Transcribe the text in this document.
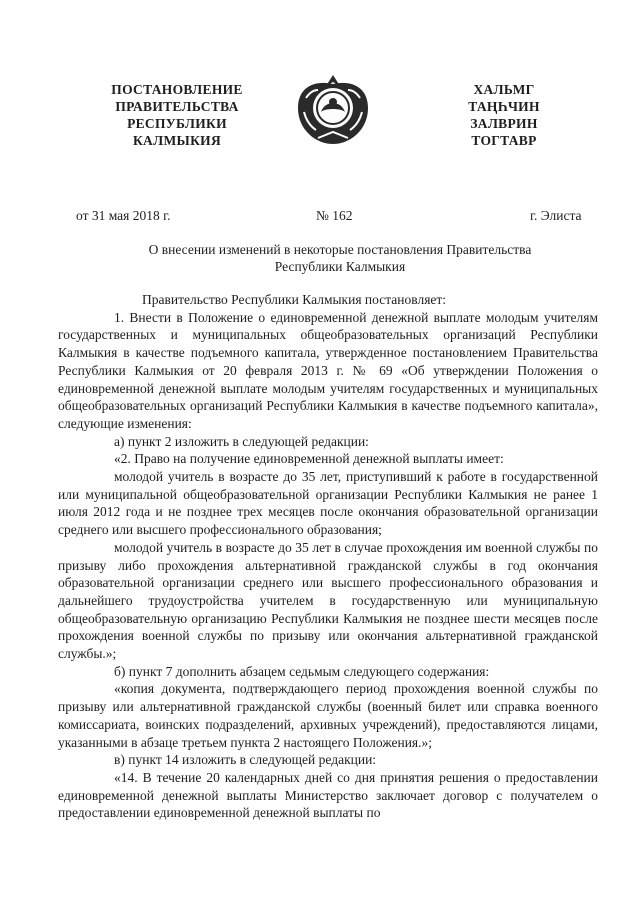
ПОСТАНОВЛЕНИЕ
ПРАВИТЕЛЬСТВА
РЕСПУБЛИКИ
КАЛМЫКИЯ
ХАЛЬМГ
ТАҢҺЧИН
ЗАЛВРИН
ТОГТАВР
от 31 мая 2018 г.	№ 162	г. Элиста
О внесении изменений в некоторые постановления Правительства
Республики Калмыкия

Правительство Республики Калмыкия постановляет:

1. Внести в Положение о единовременной денежной выплате молодым учителям государственных и муниципальных общеобразовательных организаций Республики Калмыкия в качестве подъемного капитала, утвержденное постановлением Правительства Республики Калмыкия от 20 февраля 2013 г. № 69 «Об утверждении Положения о единовременной денежной выплате молодым учителям государственных и муниципальных общеобразовательных организаций Республики Калмыкия в качестве подъемного капитала», следующие изменения:

а) пункт 2 изложить в следующей редакции:

«2. Право на получение единовременной денежной выплаты имеет:

молодой учитель в возрасте до 35 лет, приступивший к работе в государственной или муниципальной общеобразовательной организации Республики Калмыкия не ранее 1 июля 2012 года и не позднее трех месяцев после окончания образовательной организации среднего или высшего профессионального образования;

молодой учитель в возрасте до 35 лет в случае прохождения им военной службы по призыву либо прохождения альтернативной гражданской службы в год окончания образовательной организации среднего или высшего профессионального образования и дальнейшего трудоустройства учителем в государственную или муниципальную общеобразовательную организацию Республики Калмыкия не позднее шести месяцев после прохождения военной службы по призыву или окончания альтернативной гражданской службы.»;

б) пункт 7 дополнить абзацем седьмым следующего содержания:

«копия документа, подтверждающего период прохождения военной службы по призыву или альтернативной гражданской службы (военный билет или справка военного комиссариата, воинских подразделений, архивных учреждений), предоставляются лицами, указанными в абзаце третьем пункта 2 настоящего Положения.»;

в) пункт 14 изложить в следующей редакции:

«14. В течение 20 календарных дней со дня принятия решения о предоставлении единовременной денежной выплаты Министерство заключает договор с получателем о предоставлении единовременной денежной выплаты по
